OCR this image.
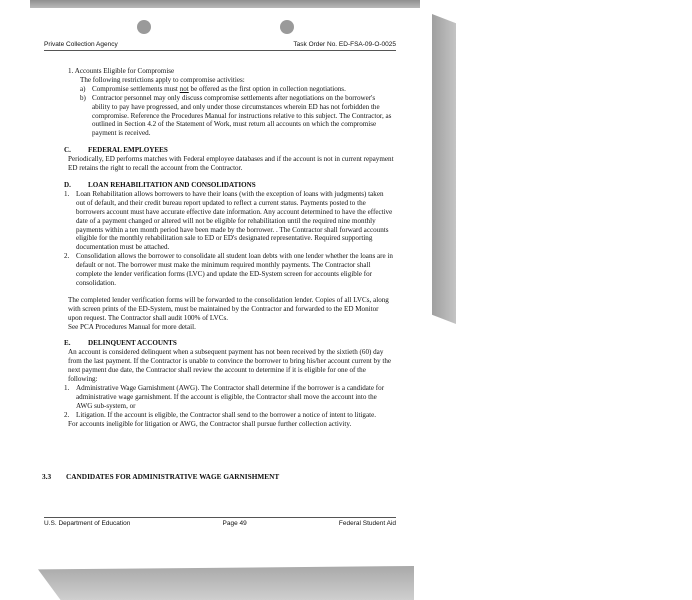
Private Collection Agency	Task Order No. ED-FSA-09-O-0025

1. Accounts Eligible for Compromise

The following restrictions apply to compromise activities:

a) Compromise settlements must not be offered as the first option in collection negotiations.
b) Contractor personnel may only discuss compromise settlements after negotiations on the borrower's ability to pay have progressed, and only under those circumstances wherein ED has not forbidden the compromise. Reference the Procedures Manual for instructions relative to this subject. The Contractor, as outlined in Section 4.2 of the Statement of Work, must return all accounts on which the compromise payment is received.
C.	FEDERAL EMPLOYEES

Periodically, ED performs matches with Federal employee databases and if the account is not in current repayment ED retains the right to recall the account from the Contractor.

D.	LOAN REHABILITATION AND CONSOLIDATIONS
1. Loan Rehabilitation allows borrowers to have their loans (with the exception of loans with judgments) taken out of default, and their credit bureau report updated to reflect a current status. Payments posted to the borrowers account must have accurate effective date information. Any account determined to have the effective date of a payment changed or altered will not be eligible for rehabilitation until the required nine monthly payments within a ten month period have been made by the borrower. . The Contractor shall forward accounts eligible for the monthly rehabilitation sale to ED or ED's designated representative. Required supporting documentation must be attached.
2. Consolidation allows the borrower to consolidate all student loan debts with one lender whether the loans are in default or not. The borrower must make the minimum required monthly payments. The Contractor shall complete the lender verification forms (LVC) and update the ED-System screen for accounts eligible for consolidation.

The completed lender verification forms will be forwarded to the consolidation lender. Copies of all LVCs, along with screen prints of the ED-System, must be maintained by the Contractor and forwarded to the ED Monitor upon request. The Contractor shall audit 100% of LVCs.

See PCA Procedures Manual for more detail.

E.	DELINQUENT ACCOUNTS

An account is considered delinquent when a subsequent payment has not been received by the sixtieth (60) day from the last payment. If the Contractor is unable to convince the borrower to bring his/her account current by the next payment due date, the Contractor shall review the account to determine if it is eligible for one of the following:

1. Administrative Wage Garnishment (AWG). The Contractor shall determine if the borrower is a candidate for administrative wage garnishment. If the account is eligible, the Contractor shall move the account into the AWG sub-system, or
2. Litigation. If the account is eligible, the Contractor shall send to the borrower a notice of intent to litigate.

For accounts ineligible for litigation or AWG, the Contractor shall pursue further collection activity.

3.3	CANDIDATES FOR ADMINISTRATIVE WAGE GARNISHMENT
U.S. Department of Education	Page 49	Federal Student Aid
